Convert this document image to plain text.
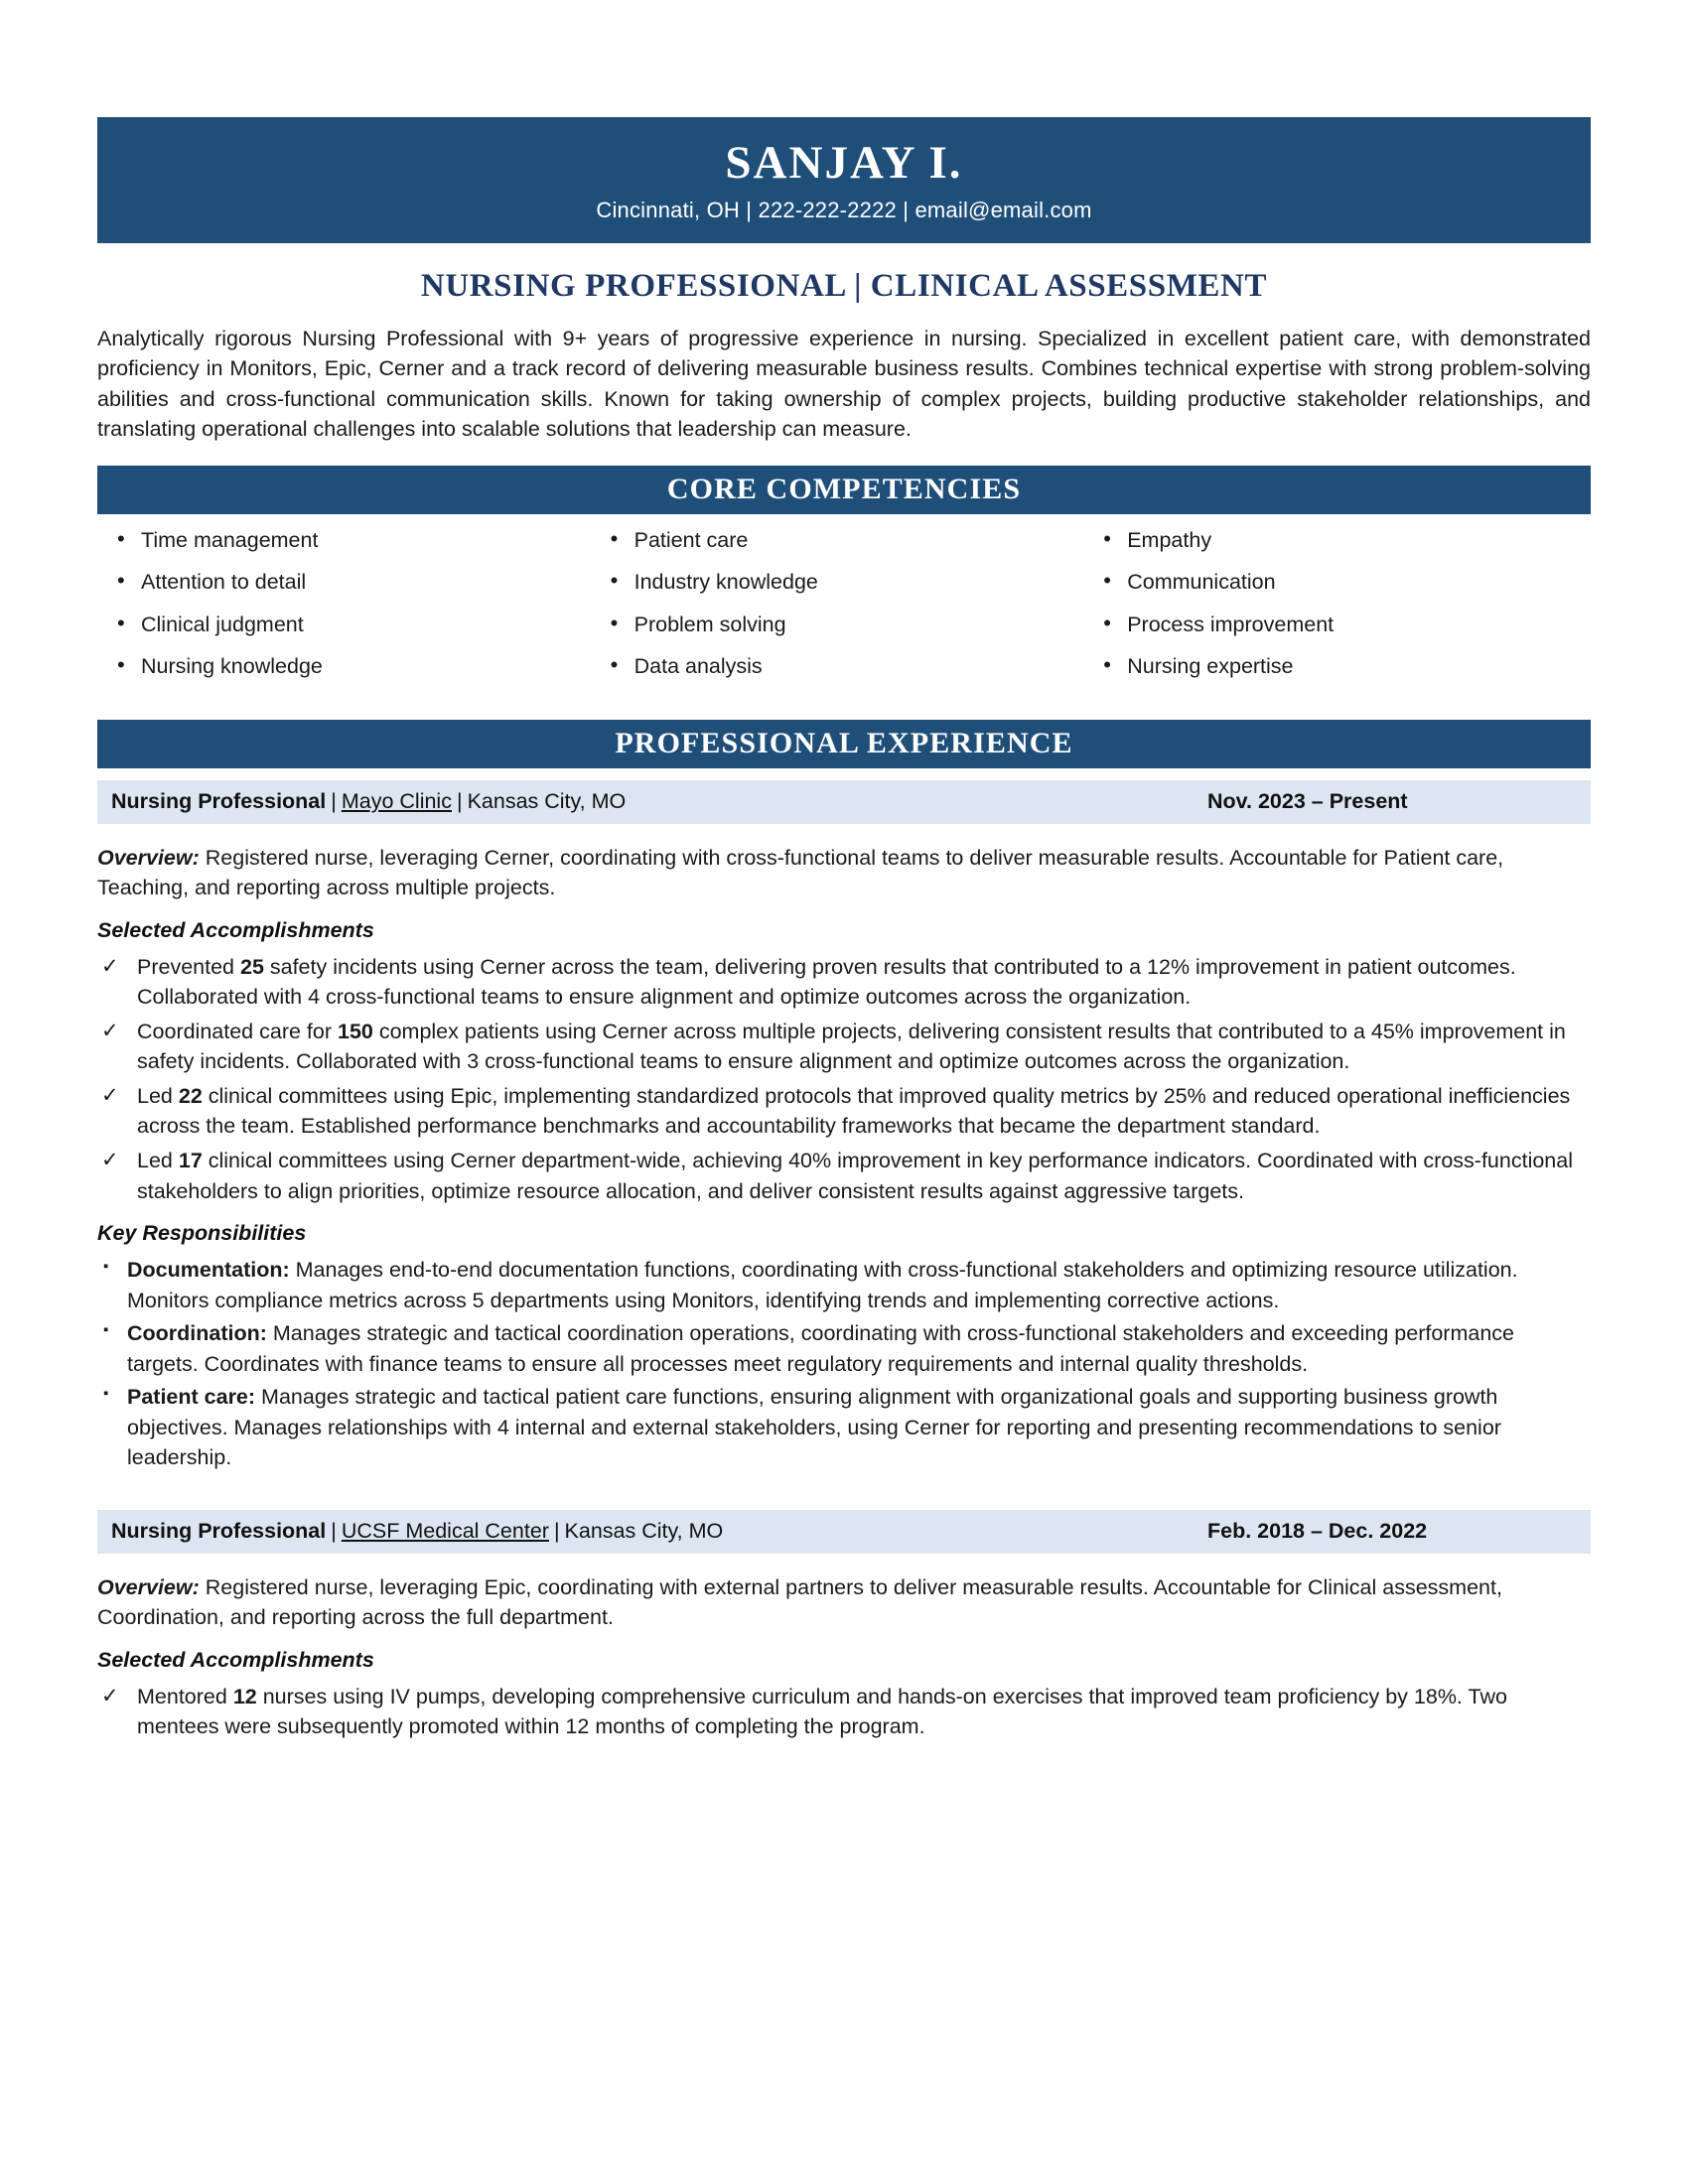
SANJAY I.
Cincinnati, OH | 222-222-2222 | email@email.com
NURSING PROFESSIONAL | CLINICAL ASSESSMENT
Analytically rigorous Nursing Professional with 9+ years of progressive experience in nursing. Specialized in excellent patient care, with demonstrated proficiency in Monitors, Epic, Cerner and a track record of delivering measurable business results. Combines technical expertise with strong problem-solving abilities and cross-functional communication skills. Known for taking ownership of complex projects, building productive stakeholder relationships, and translating operational challenges into scalable solutions that leadership can measure.
CORE COMPETENCIES
• Time management
• Attention to detail
• Clinical judgment
• Nursing knowledge
• Patient care
• Industry knowledge
• Problem solving
• Data analysis
• Empathy
• Communication
• Process improvement
• Nursing expertise
PROFESSIONAL EXPERIENCE
Nursing Professional | Mayo Clinic | Kansas City, MO	Nov. 2023 – Present
Overview: Registered nurse, leveraging Cerner, coordinating with cross-functional teams to deliver measurable results. Accountable for Patient care, Teaching, and reporting across multiple projects.
Selected Accomplishments
✓ Prevented 25 safety incidents using Cerner across the team, delivering proven results that contributed to a 12% improvement in patient outcomes. Collaborated with 4 cross-functional teams to ensure alignment and optimize outcomes across the organization.
✓ Coordinated care for 150 complex patients using Cerner across multiple projects, delivering consistent results that contributed to a 45% improvement in safety incidents. Collaborated with 3 cross-functional teams to ensure alignment and optimize outcomes across the organization.
✓ Led 22 clinical committees using Epic, implementing standardized protocols that improved quality metrics by 25% and reduced operational inefficiencies across the team. Established performance benchmarks and accountability frameworks that became the department standard.
✓ Led 17 clinical committees using Cerner department-wide, achieving 40% improvement in key performance indicators. Coordinated with cross-functional stakeholders to align priorities, optimize resource allocation, and deliver consistent results against aggressive targets.
Key Responsibilities
▪ Documentation: Manages end-to-end documentation functions, coordinating with cross-functional stakeholders and optimizing resource utilization. Monitors compliance metrics across 5 departments using Monitors, identifying trends and implementing corrective actions.
▪ Coordination: Manages strategic and tactical coordination operations, coordinating with cross-functional stakeholders and exceeding performance targets. Coordinates with finance teams to ensure all processes meet regulatory requirements and internal quality thresholds.
▪ Patient care: Manages strategic and tactical patient care functions, ensuring alignment with organizational goals and supporting business growth objectives. Manages relationships with 4 internal and external stakeholders, using Cerner for reporting and presenting recommendations to senior leadership.
Nursing Professional | UCSF Medical Center | Kansas City, MO	Feb. 2018 – Dec. 2022
Overview: Registered nurse, leveraging Epic, coordinating with external partners to deliver measurable results. Accountable for Clinical assessment, Coordination, and reporting across the full department.
Selected Accomplishments
✓ Mentored 12 nurses using IV pumps, developing comprehensive curriculum and hands-on exercises that improved team proficiency by 18%. Two mentees were subsequently promoted within 12 months of completing the program.
